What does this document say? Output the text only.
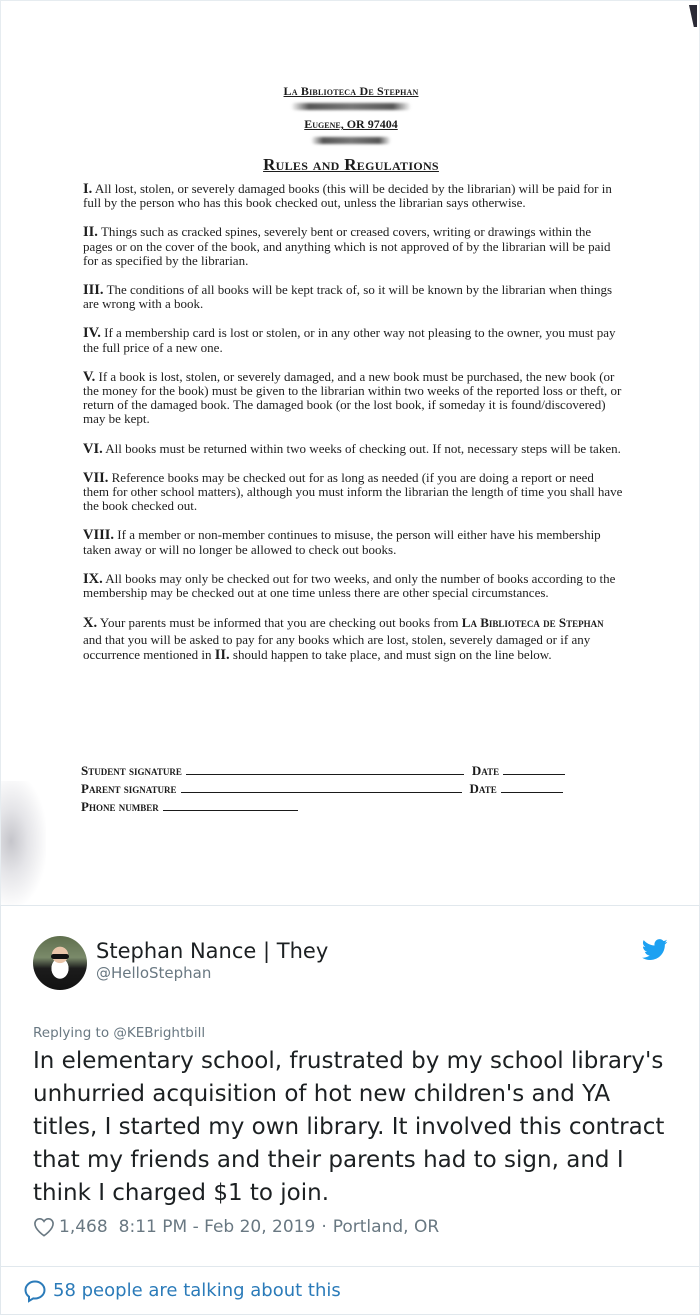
La Biblioteca De Stephan
Eugene, OR 97404
Rules and Regulations

I. All lost, stolen, or severely damaged books (this will be decided by the librarian) will be paid for in full by the person who has this book checked out, unless the librarian says otherwise.

II. Things such as cracked spines, severely bent or creased covers, writing or drawings within the pages or on the cover of the book, and anything which is not approved of by the librarian will be paid for as specified by the librarian.

III. The conditions of all books will be kept track of, so it will be known by the librarian when things are wrong with a book.

IV. If a membership card is lost or stolen, or in any other way not pleasing to the owner, you must pay the full price of a new one.

V. If a book is lost, stolen, or severely damaged, and a new book must be purchased, the new book (or the money for the book) must be given to the librarian within two weeks of the reported loss or theft, or return of the damaged book. The damaged book (or the lost book, if someday it is found/discovered) may be kept.

VI. All books must be returned within two weeks of checking out. If not, necessary steps will be taken.

VII. Reference books may be checked out for as long as needed (if you are doing a report or need them for other school matters), although you must inform the librarian the length of time you shall have the book checked out.

VIII. If a member or non-member continues to misuse, the person will either have his membership taken away or will no longer be allowed to check out books.

IX. All books may only be checked out for two weeks, and only the number of books according to the membership may be checked out at one time unless there are other special circumstances.

X. Your parents must be informed that you are checking out books from La Biblioteca de Stephan and that you will be asked to pay for any books which are lost, stolen, severely damaged or if any occurrence mentioned in II. should happen to take place, and must sign on the line below.

Student signature	Date
Parent signature	Date
Phone number
Stephan Nance | They
@HelloStephan
Replying to @KEBrightbill
In elementary school, frustrated by my school library's unhurried acquisition of hot new children's and YA titles, I started my own library. It involved this contract that my friends and their parents had to sign, and I think I charged $1 to join.
1,468 8:11 PM - Feb 20, 2019 · Portland, OR
58 people are talking about this
